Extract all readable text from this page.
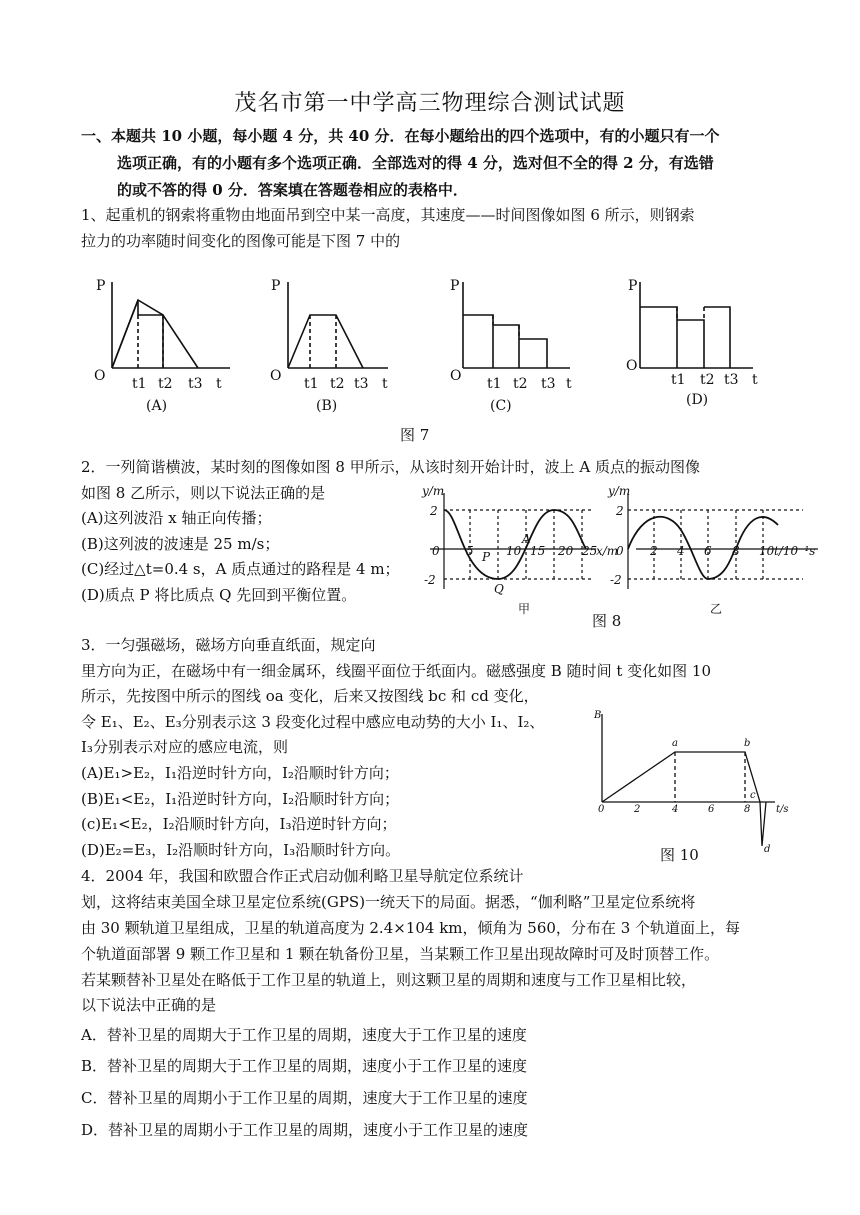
茂名市第一中学高三物理综合测试试题
一、本题共 10 小题，每小题 4 分，共 40 分．在每小题给出的四个选项中，有的小题只有一个
选项正确，有的小题有多个选项正确．全部选对的得 4 分，选对但不全的得 2 分，有选错
的或不答的得 0 分．答案填在答题卷相应的表格中．
1、起重机的钢索将重物由地面吊到空中某一高度，其速度——时间图像如图 6 所示，则钢索
拉力的功率随时间变化的图像可能是下图 7 中的
P
O t1 t2 t3 t
(A)
P
O t1 t2 t3 t
(B)
P
O t1 t2 t3 t
(C)
P
O
t1 t2 t3 t
(D)
图 7
2．一列简谐横波，某时刻的图像如图 8 甲所示，从该时刻开始计时，波上 A 质点的振动图像
如图 8 乙所示，则以下说法正确的是
(A)这列波沿 x 轴正向传播；
(B)这列波的波速是 25 m/s；
(C)经过△t=0.4 s，A 质点通过的路程是 4 m；
(D)质点 P 将比质点 Q 先回到平衡位置。
y/m
2
-2
0 5	10 15 20 25
x/m
P
A
Q
甲
y/m
2
-2
0 2 4 6 8 10 t/10⁻¹s
乙
图 8
3．一匀强磁场，磁场方向垂直纸面，规定向
里方向为正，在磁场中有一细金属环，线圈平面位于纸面内。磁感强度 B 随时间 t 变化如图 10
所示，先按图中所示的图线 oa 变化，后来又按图线 bc 和 cd 变化，
令 E₁、E₂、E₃分别表示这 3 段变化过程中感应电动势的大小 I₁、I₂、
I₃分别表示对应的感应电流，则
(A)E₁>E₂，I₁沿逆时针方向，I₂沿顺时针方向；
(B)E₁<E₂，I₁沿逆时针方向，I₂沿顺时针方向；
(c)E₁<E₂，I₂沿顺时针方向，I₃沿逆时针方向；
(D)E₂=E₃，I₂沿顺时针方向，I₃沿顺时针方向。
B
0	2	4	6	8	t/s
a	b
c
d
图 10
4．2004 年，我国和欧盟合作正式启动伽利略卫星导航定位系统计
划，这将结束美国全球卫星定位系统(GPS)一统天下的局面。据悉，“伽利略”卫星定位系统将
由 30 颗轨道卫星组成，卫星的轨道高度为 2.4×104 km，倾角为 560，分布在 3 个轨道面上，每
个轨道面部署 9 颗工作卫星和 1 颗在轨备份卫星，当某颗工作卫星出现故障时可及时顶替工作。
若某颗替补卫星处在略低于工作卫星的轨道上，则这颗卫星的周期和速度与工作卫星相比较，
以下说法中正确的是
A．替补卫星的周期大于工作卫星的周期，速度大于工作卫星的速度
B．替补卫星的周期大于工作卫星的周期，速度小于工作卫星的速度
C．替补卫星的周期小于工作卫星的周期，速度大于工作卫星的速度
D．替补卫星的周期小于工作卫星的周期，速度小于工作卫星的速度
